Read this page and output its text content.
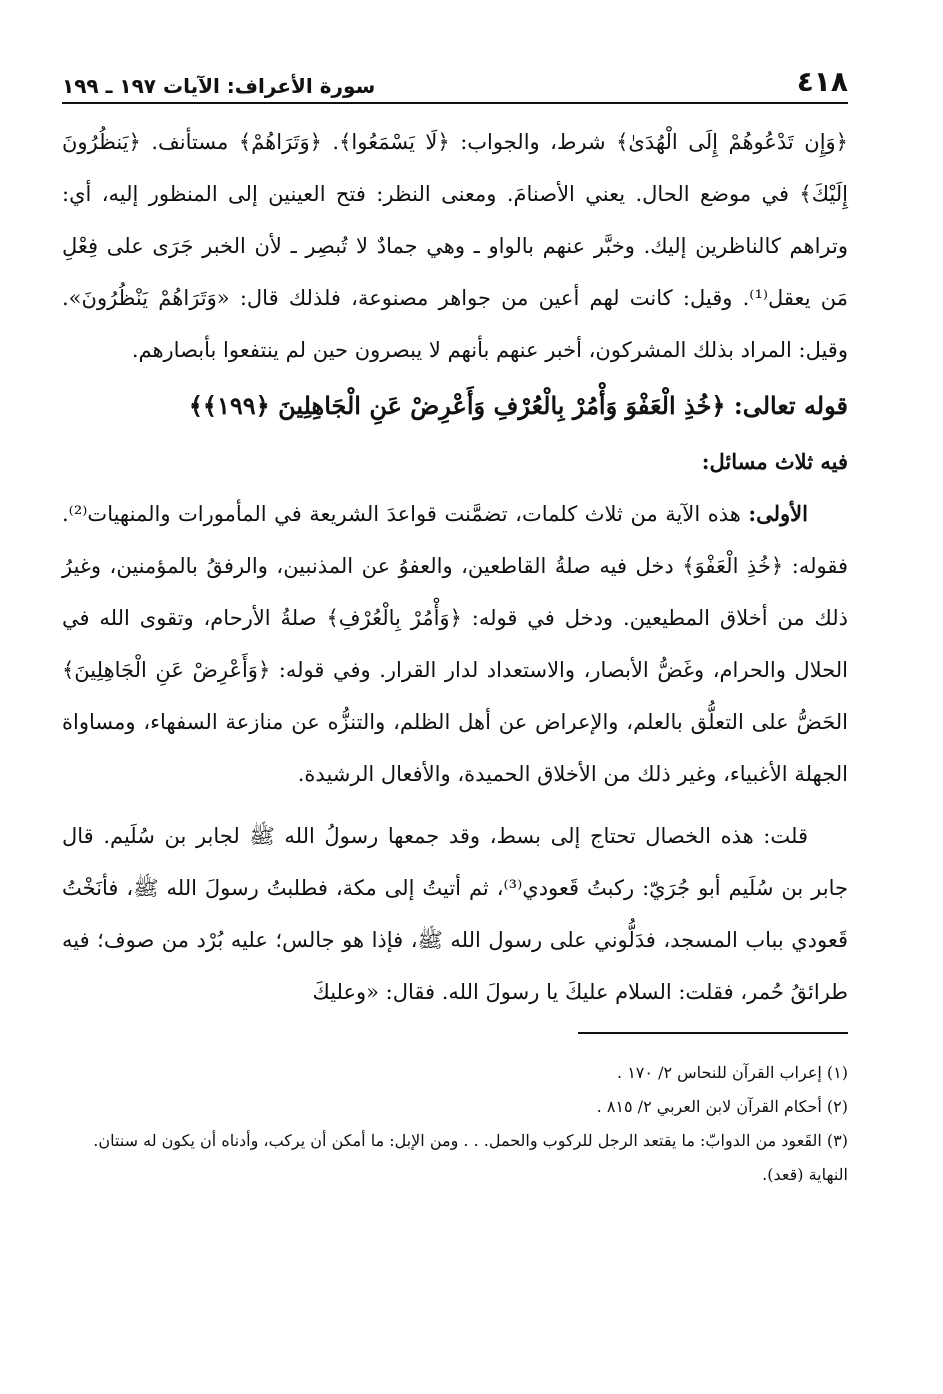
٤١٨
سورة الأعراف: الآيات ١٩٧ ـ ١٩٩

﴿وَإِن تَدْعُوهُمْ إِلَى الْهُدَىٰ﴾ شرط، والجواب: ﴿لَا يَسْمَعُوا﴾. ﴿وَتَرَاهُمْ﴾ مستأنف. ﴿يَنظُرُونَ إِلَيْكَ﴾ في موضع الحال. يعني الأصنامَ. ومعنى النظر: فتح العينين إلى المنظور إليه، أي: وتراهم كالناظرين إليك. وخبَّر عنهم بالواو ـ وهي جمادٌ لا تُبصِر ـ لأن الخبر جَرَى على فِعْلِ مَن يعقل⁽¹⁾. وقيل: كانت لهم أعين من جواهر مصنوعة، فلذلك قال: «وَتَرَاهُمْ يَنْظُرُونَ». وقيل: المراد بذلك المشركون، أخبر عنهم بأنهم لا يبصرون حين لم ينتفعوا بأبصارهم.

قوله تعالى: ﴿خُذِ الْعَفْوَ وَأْمُرْ بِالْعُرْفِ وَأَعْرِضْ عَنِ الْجَاهِلِينَ ﴿١٩٩﴾﴾

فيه ثلاث مسائل:

الأولى: هذه الآية من ثلاث كلمات، تضمَّنت قواعدَ الشريعة في المأمورات والمنهيات⁽²⁾. فقوله: ﴿خُذِ الْعَفْوَ﴾ دخل فيه صلةُ القاطعين، والعفوُ عن المذنبين، والرفقُ بالمؤمنين، وغيرُ ذلك من أخلاق المطيعين. ودخل في قوله: ﴿وَأْمُرْ بِالْعُرْفِ﴾ صلةُ الأرحام، وتقوى الله في الحلال والحرام، وغَضُّ الأبصار، والاستعداد لدار القرار. وفي قوله: ﴿وَأَعْرِضْ عَنِ الْجَاهِلِينَ﴾ الحَضُّ على التعلُّق بالعلم، والإعراض عن أهل الظلم، والتنزُّه عن منازعة السفهاء، ومساواة الجهلة الأغبياء، وغير ذلك من الأخلاق الحميدة، والأفعال الرشيدة.

قلت: هذه الخصال تحتاج إلى بسط، وقد جمعها رسولُ الله ﷺ لجابر بن سُلَيم. قال جابر بن سُلَيم أبو جُرَيّ: ركبتُ قَعودي⁽³⁾، ثم أتيتُ إلى مكة، فطلبتُ رسولَ الله ﷺ، فأنَخْتُ قَعودي بباب المسجد، فدَلُّوني على رسول الله ﷺ، فإذا هو جالس؛ عليه بُرْد من صوف؛ فيه طرائقُ حُمر، فقلت: السلام عليكَ يا رسولَ الله. فقال: «وعليكَ

(١) إعراب القرآن للنحاس ٢/ ١٧٠ .

(٢) أحكام القرآن لابن العربي ٢/ ٨١٥ .

(٣) القَعود من الدوابّ: ما يقتعد الرجل للركوب والحمل. . . ومن الإبل: ما أمكن أن يركب، وأدناه أن يكون له سنتان. النهاية (قعد).
